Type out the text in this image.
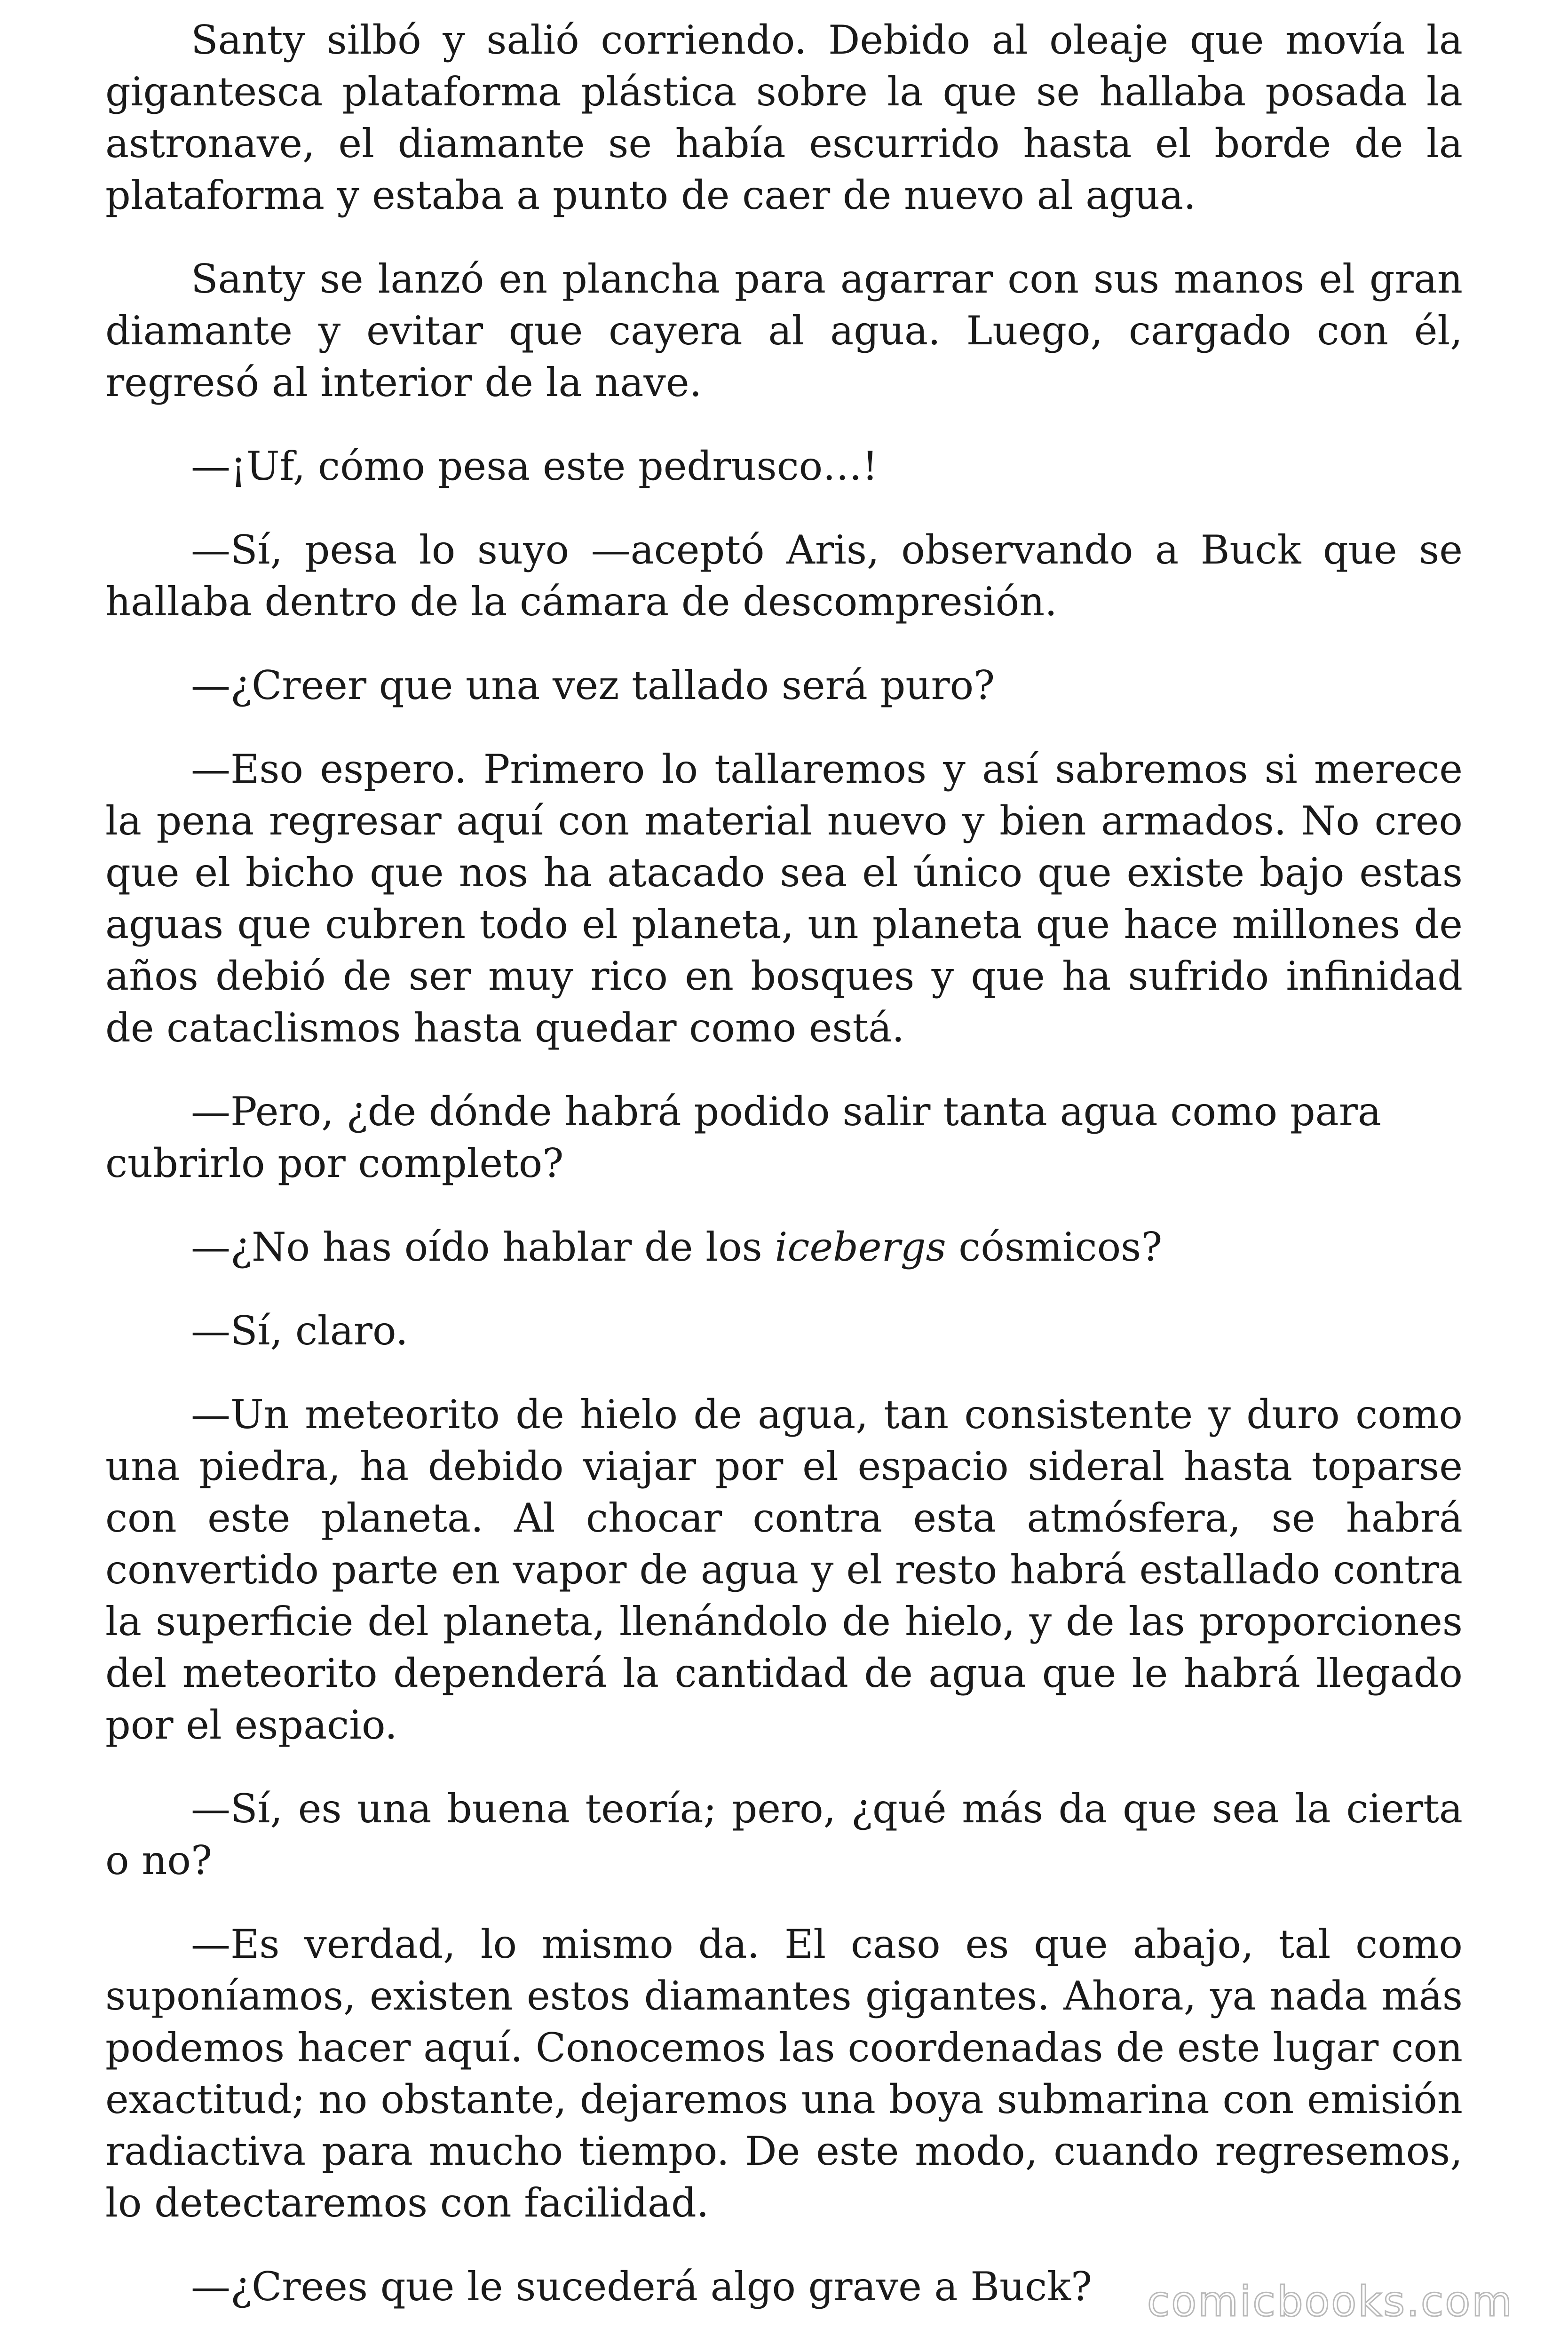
Santy silbó y salió corriendo. Debido al oleaje que movía la gigantesca plataforma plástica sobre la que se hallaba posada la astronave, el diamante se había escurrido hasta el borde de la plataforma y estaba a punto de caer de nuevo al agua.

Santy se lanzó en plancha para agarrar con sus manos el gran diamante y evitar que cayera al agua. Luego, cargado con él, regresó al interior de la nave.

—¡Uf, cómo pesa este pedrusco…!

—Sí, pesa lo suyo —aceptó Aris, observando a Buck que se hallaba dentro de la cámara de descompresión.

—¿Creer que una vez tallado será puro?

—Eso espero. Primero lo tallaremos y así sabremos si merece la pena regresar aquí con material nuevo y bien armados. No creo que el bicho que nos ha atacado sea el único que existe bajo estas aguas que cubren todo el planeta, un planeta que hace millones de años debió de ser muy rico en bosques y que ha sufrido infinidad de cataclismos hasta quedar como está.

—Pero, ¿de dónde habrá podido salir tanta agua como para cubrirlo por completo?

—¿No has oído hablar de los icebergs cósmicos?

—Sí, claro.

—Un meteorito de hielo de agua, tan consistente y duro como una piedra, ha debido viajar por el espacio sideral hasta toparse con este planeta. Al chocar contra esta atmósfera, se habrá convertido parte en vapor de agua y el resto habrá estallado contra la superficie del planeta, llenándolo de hielo, y de las proporciones del meteorito dependerá la cantidad de agua que le habrá llegado por el espacio.

—Sí, es una buena teoría; pero, ¿qué más da que sea la cierta o no?

—Es verdad, lo mismo da. El caso es que abajo, tal como suponíamos, existen estos diamantes gigantes. Ahora, ya nada más podemos hacer aquí. Conocemos las coordenadas de este lugar con exactitud; no obstante, dejaremos una boya submarina con emisión radiactiva para mucho tiempo. De este modo, cuando regresemos, lo detectaremos con facilidad.

—¿Crees que le sucederá algo grave a Buck?	comicbooks.com
